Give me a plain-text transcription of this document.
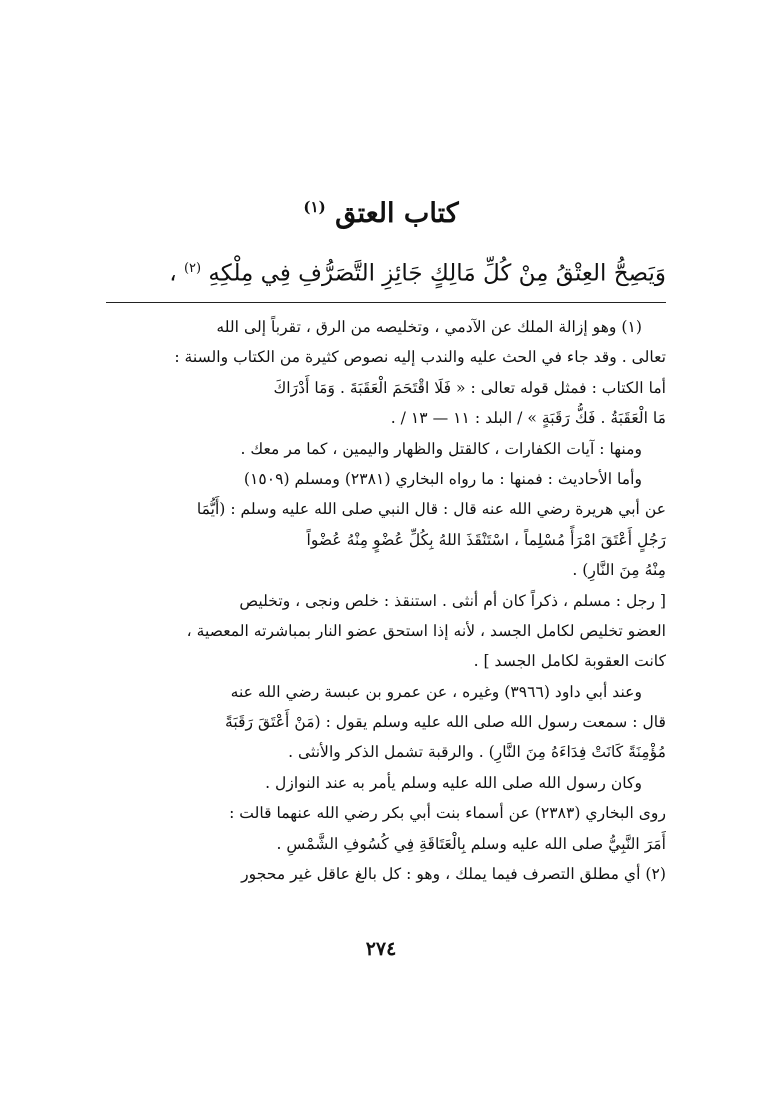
كتاب العتق $^{(١)}$
وَيَصِحُّ العِتْقُ مِنْ كُلِّ مَالِكٍ جَائِزِ التَّصَرُّفِ فِي مِلْكِهِ $^{(٢)}$ ،
(١) وهو إزالة الملك عن الآدمي ، وتخليصه من الرق ، تقرباً إلى الله
تعالى . وقد جاء في الحث عليه والندب إليه نصوص كثيرة من الكتاب والسنة :
أما الكتاب : فمثل قوله تعالى : « فَلَا اقْتَحَمَ الْعَقَبَةَ . وَمَا أَدْرَاكَ
مَا الْعَقَبَةُ . فَكُّ رَقَبَةٍ » / البلد : ١١ — ١٣ / .
ومنها : آيات الكفارات ، كالقتل والظهار واليمين ، كما مر معك .
وأما الأحاديث : فمنها : ما رواه البخاري (٢٣٨١) ومسلم (١٥٠٩)
عن أبي هريرة رضي الله عنه قال : قال النبي صلى الله عليه وسلم : (أَيُّمَا
رَجُلٍ أَعْتَقَ امْرَأً مُسْلِماً ، اسْتَنْقَذَ اللهُ بِكُلِّ عُضْوٍ مِنْهُ عُضْواً
مِنْهُ مِنَ النَّارِ) .
[ رجل : مسلم ، ذكراً كان أم أنثى . استنقذ : خلص ونجى ، وتخليص
العضو تخليص لكامل الجسد ، لأنه إذا استحق عضو النار بمباشرته المعصية ،
كانت العقوبة لكامل الجسد ] .
وعند أبي داود (٣٩٦٦) وغيره ، عن عمرو بن عبسة رضي الله عنه
قال : سمعت رسول الله صلى الله عليه وسلم يقول : (مَنْ أَعْتَقَ رَقَبَةً
مُؤْمِنَةً كَانَتْ فِدَاءَهُ مِنَ النَّارِ) . والرقبة تشمل الذكر والأنثى .
وكان رسول الله صلى الله عليه وسلم يأمر به عند النوازل .
روى البخاري (٢٣٨٣) عن أسماء بنت أبي بكر رضي الله عنهما قالت :
أَمَرَ النَّبِيُّ صلى الله عليه وسلم بِالْعَتَاقَةِ فِي كُسُوفِ الشَّمْسِ .
(٢) أي مطلق التصرف فيما يملك ، وهو : كل بالغ عاقل غير محجور
٢٧٤
